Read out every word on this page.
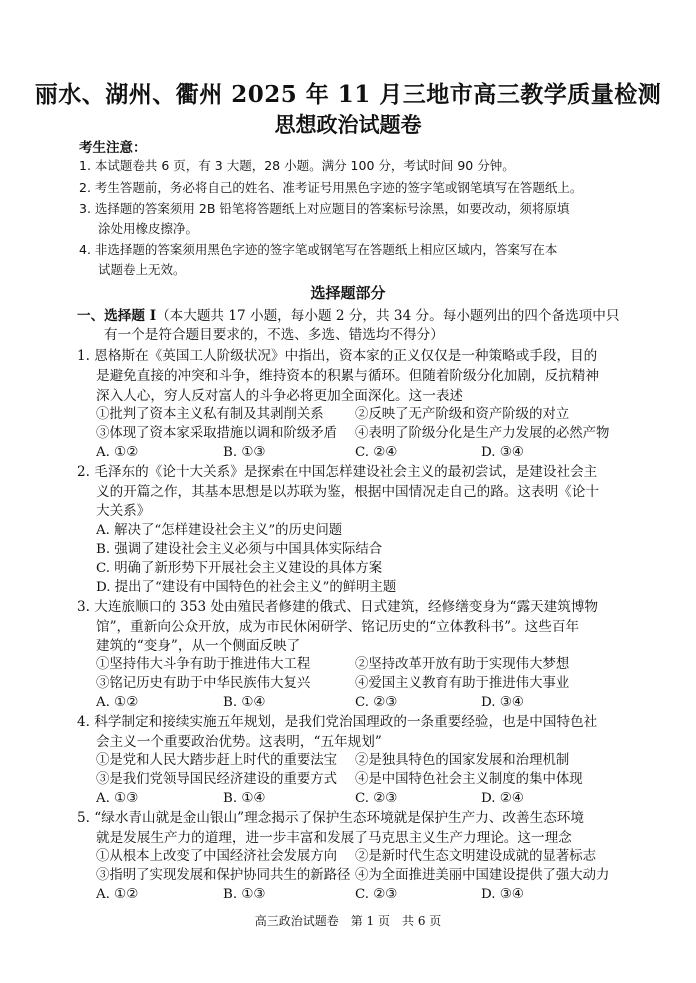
丽水、湖州、衢州 2025 年 11 月三地市高三教学质量检测
思想政治试题卷
考生注意：
1. 本试题卷共 6 页，有 3 大题，28 小题。满分 100 分，考试时间 90 分钟。
2. 考生答题前，务必将自己的姓名、准考证号用黑色字迹的签字笔或钢笔填写在答题纸上。
3. 选择题的答案须用 2B 铅笔将答题纸上对应题目的答案标号涂黑，如要改动，须将原填
涂处用橡皮擦净。
4. 非选择题的答案须用黑色字迹的签字笔或钢笔写在答题纸上相应区域内，答案写在本
试题卷上无效。
选择题部分
一、选择题 I（本大题共 17 小题，每小题 2 分，共 34 分。每小题列出的四个备选项中只
有一个是符合题目要求的，不选、多选、错选均不得分）
1. 恩格斯在《英国工人阶级状况》中指出，资本家的正义仅仅是一种策略或手段，目的
是避免直接的冲突和斗争，维持资本的积累与循环。但随着阶级分化加剧，反抗精神
深入人心，穷人反对富人的斗争必将更加全面深化。这一表述
①批判了资本主义私有制及其剥削关系 ②反映了无产阶级和资产阶级的对立
③体现了资本家采取措施以调和阶级矛盾 ④表明了阶级分化是生产力发展的必然产物
A. ①②	B. ①③	C. ②④	D. ③④
2. 毛泽东的《论十大关系》是探索在中国怎样建设社会主义的最初尝试，是建设社会主
义的开篇之作，其基本思想是以苏联为鉴，根据中国情况走自己的路。这表明《论十
大关系》
A. 解决了“怎样建设社会主义”的历史问题
B. 强调了建设社会主义必须与中国具体实际结合
C. 明确了新形势下开展社会主义建设的具体方案
D. 提出了“建设有中国特色的社会主义”的鲜明主题
3. 大连旅顺口的 353 处由殖民者修建的俄式、日式建筑，经修缮变身为“露天建筑博物
馆”，重新向公众开放，成为市民休闲研学、铭记历史的“立体教科书”。这些百年
建筑的“变身”，从一个侧面反映了
①坚持伟大斗争有助于推进伟大工程	②坚持改革开放有助于实现伟大梦想
③铭记历史有助于中华民族伟大复兴	④爱国主义教育有助于推进伟大事业
A. ①②	B. ①④	C. ②③	D. ③④
4. 科学制定和接续实施五年规划，是我们党治国理政的一条重要经验，也是中国特色社
会主义一个重要政治优势。这表明，“五年规划”
①是党和人民大踏步赶上时代的重要法宝 ②是独具特色的国家发展和治理机制
③是我们党领导国民经济建设的重要方式 ④是中国特色社会主义制度的集中体现
A. ①③	B. ①④	C. ②③	D. ②④
5. “绿水青山就是金山银山”理念揭示了保护生态环境就是保护生产力、改善生态环境
就是发展生产力的道理，进一步丰富和发展了马克思主义生产力理论。这一理念
①从根本上改变了中国经济社会发展方向 ②是新时代生态文明建设成就的显著标志
③指明了实现发展和保护协同共生的新路径 ④为全面推进美丽中国建设提供了强大动力
A. ①②	B. ①③	C. ②③	D. ③④
高三政治试题卷　第 1 页　共 6 页
